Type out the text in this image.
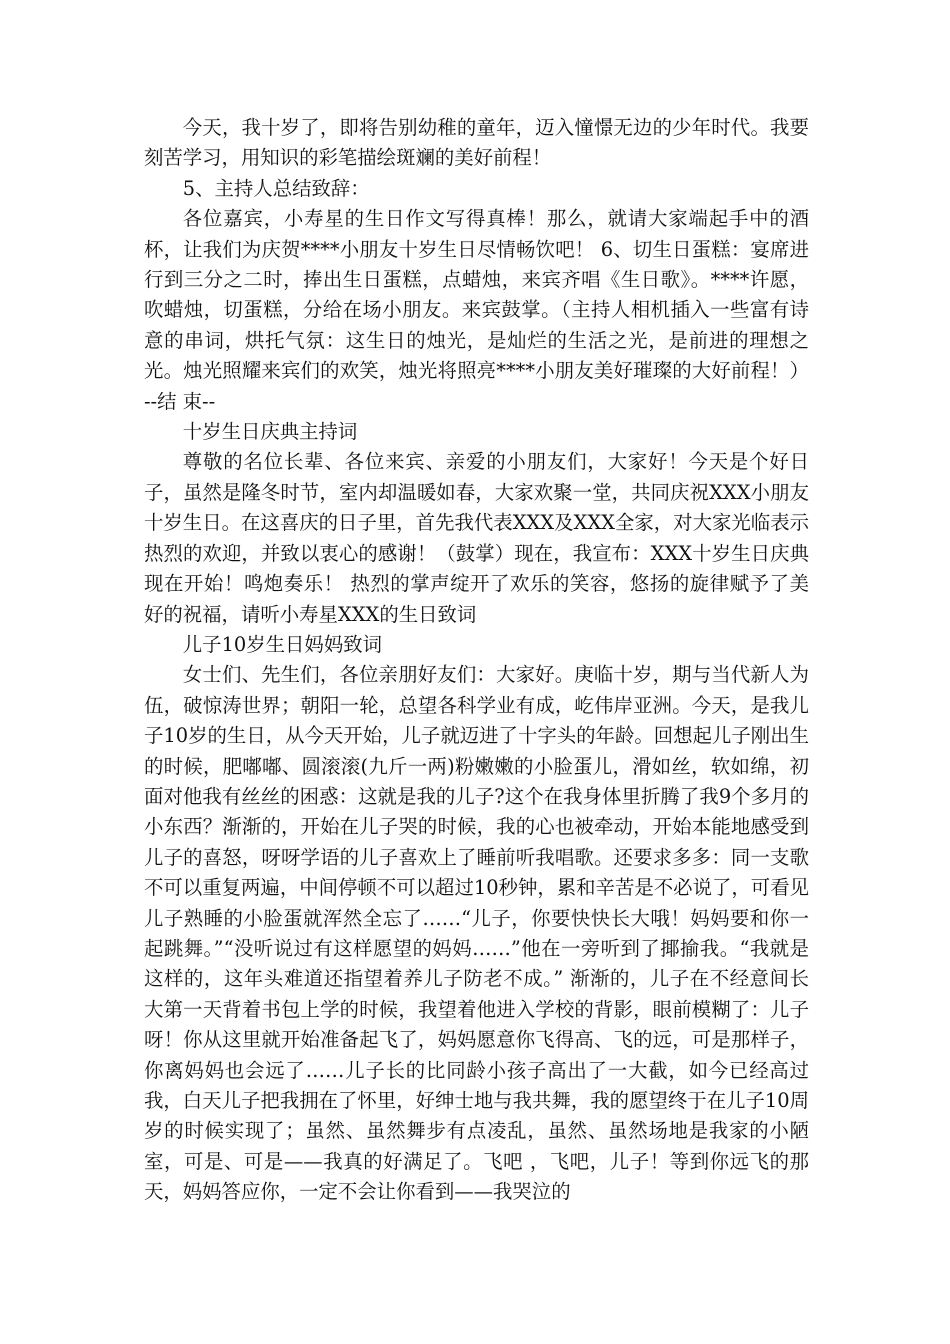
今天，我十岁了，即将告别幼稚的童年，迈入憧憬无边的少年时代。我要刻苦学习，用知识的彩笔描绘斑斓的美好前程！

5、主持人总结致辞：

各位嘉宾，小寿星的生日作文写得真棒！那么，就请大家端起手中的酒杯，让我们为庆贺****小朋友十岁生日尽情畅饮吧！ 6、切生日蛋糕：宴席进行到三分之二时，捧出生日蛋糕，点蜡烛，来宾齐唱《生日歌》。****许愿，吹蜡烛，切蛋糕，分给在场小朋友。来宾鼓掌。（主持人相机插入一些富有诗意的串词，烘托气氛：这生日的烛光，是灿烂的生活之光，是前进的理想之光。烛光照耀来宾们的欢笑，烛光将照亮****小朋友美好璀璨的大好前程！） --结 束--

十岁生日庆典主持词

尊敬的名位长辈、各位来宾、亲爱的小朋友们，大家好！今天是个好日子，虽然是隆冬时节，室内却温暖如春，大家欢聚一堂，共同庆祝XXX小朋友十岁生日。在这喜庆的日子里，首先我代表XXX及XXX全家，对大家光临表示热烈的欢迎，并致以衷心的感谢！（鼓掌）现在，我宣布：XXX十岁生日庆典现在开始！鸣炮奏乐！ 热烈的掌声绽开了欢乐的笑容，悠扬的旋律赋予了美好的祝福，请听小寿星XXX的生日致词

儿子10岁生日妈妈致词

女士们、先生们，各位亲朋好友们：大家好。庚临十岁，期与当代新人为伍，破惊涛世界；朝阳一轮，总望各科学业有成，屹伟岸亚洲。今天，是我儿子10岁的生日，从今天开始，儿子就迈进了十字头的年龄。回想起儿子刚出生的时候，肥嘟嘟、圆滚滚(九斤一两)粉嫩嫩的小脸蛋儿，滑如丝，软如绵，初面对他我有丝丝的困惑：这就是我的儿子?这个在我身体里折腾了我9个多月的小东西？渐渐的，开始在儿子哭的时候，我的心也被牵动，开始本能地感受到儿子的喜怒，呀呀学语的儿子喜欢上了睡前听我唱歌。还要求多多：同一支歌不可以重复两遍，中间停顿不可以超过10秒钟，累和辛苦是不必说了，可看见儿子熟睡的小脸蛋就浑然全忘了……“儿子，你要快快长大哦！妈妈要和你一起跳舞。”“没听说过有这样愿望的妈妈……”他在一旁听到了揶揄我。“我就是这样的，这年头难道还指望着养儿子防老不成。” 渐渐的，儿子在不经意间长大第一天背着书包上学的时候，我望着他进入学校的背影，眼前模糊了：儿子呀！你从这里就开始准备起飞了，妈妈愿意你飞得高、飞的远，可是那样子，你离妈妈也会远了……儿子长的比同龄小孩子高出了一大截，如今已经高过我，白天儿子把我拥在了怀里，好绅士地与我共舞，我的愿望终于在儿子10周岁的时候实现了；虽然、虽然舞步有点凌乱，虽然、虽然场地是我家的小陋室，可是、可是——我真的好满足了。飞吧 ，飞吧，儿子！等到你远飞的那天，妈妈答应你，一定不会让你看到——我哭泣的
